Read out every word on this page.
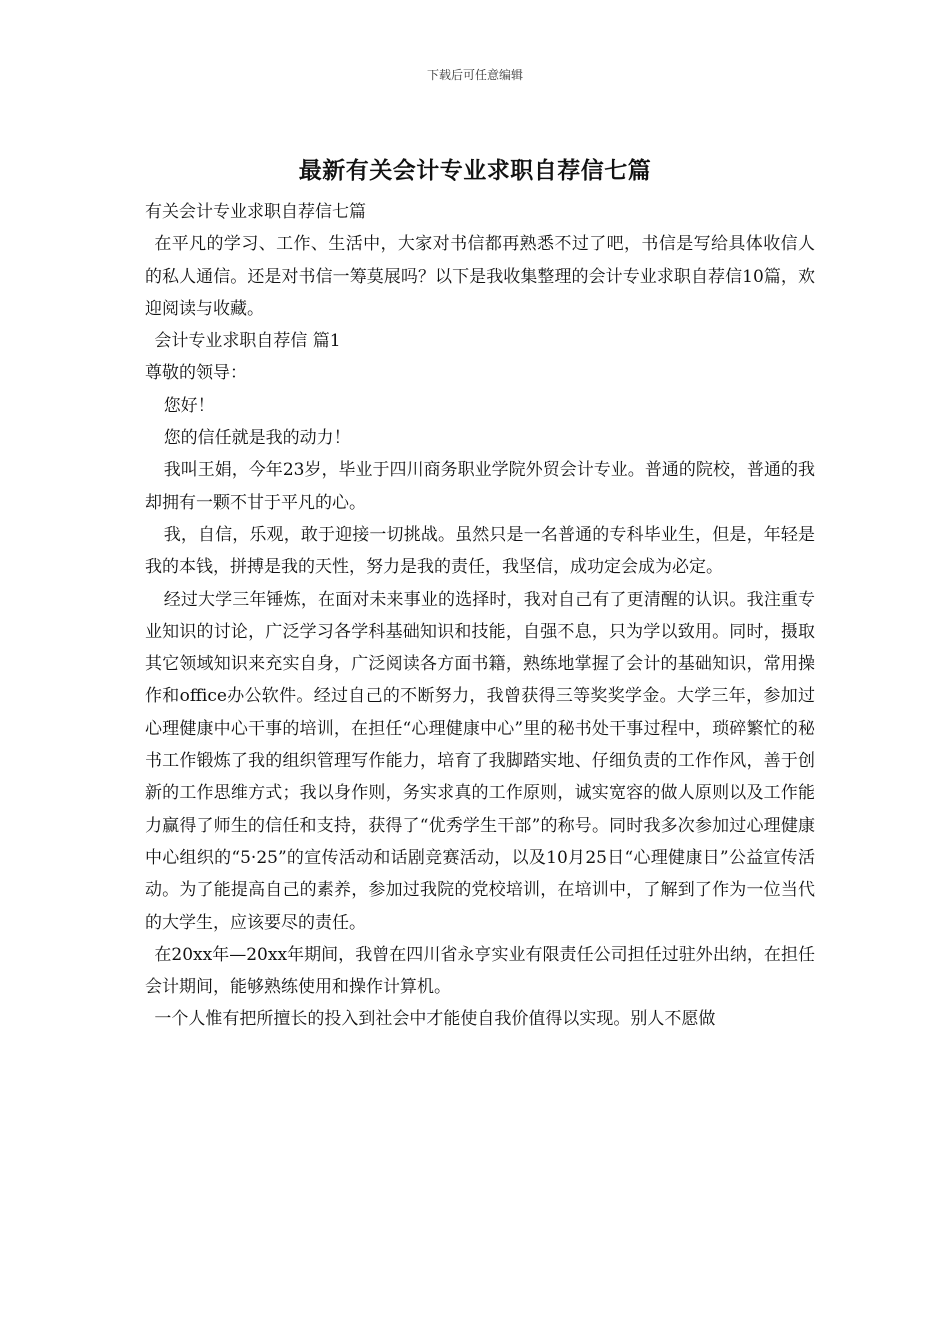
下载后可任意编辑
最新有关会计专业求职自荐信七篇

有关会计专业求职自荐信七篇

在平凡的学习、工作、生活中，大家对书信都再熟悉不过了吧，书信是写给具体收信人的私人通信。还是对书信一筹莫展吗？以下是我收集整理的会计专业求职自荐信10篇，欢迎阅读与收藏。

会计专业求职自荐信 篇1

尊敬的领导：

您好！

您的信任就是我的动力！

我叫王娟，今年23岁，毕业于四川商务职业学院外贸会计专业。普通的院校，普通的我却拥有一颗不甘于平凡的心。

我，自信，乐观，敢于迎接一切挑战。虽然只是一名普通的专科毕业生，但是，年轻是我的本钱，拼搏是我的天性，努力是我的责任，我坚信，成功定会成为必定。

经过大学三年锤炼，在面对未来事业的选择时，我对自己有了更清醒的认识。我注重专业知识的讨论，广泛学习各学科基础知识和技能，自强不息，只为学以致用。同时，摄取其它领域知识来充实自身，广泛阅读各方面书籍，熟练地掌握了会计的基础知识，常用操作和office办公软件。经过自己的不断努力，我曾获得三等奖奖学金。大学三年，参加过心理健康中心干事的培训，在担任“心理健康中心”里的秘书处干事过程中，琐碎繁忙的秘书工作锻炼了我的组织管理写作能力，培育了我脚踏实地、仔细负责的工作作风，善于创新的工作思维方式；我以身作则，务实求真的工作原则，诚实宽容的做人原则以及工作能力赢得了师生的信任和支持，获得了“优秀学生干部”的称号。同时我多次参加过心理健康中心组织的“5·25”的宣传活动和话剧竞赛活动，以及10月25日“心理健康日”公益宣传活动。为了能提高自己的素养，参加过我院的党校培训，在培训中，了解到了作为一位当代的大学生，应该要尽的责任。

在20xx年—20xx年期间，我曾在四川省永亨实业有限责任公司担任过驻外出纳，在担任会计期间，能够熟练使用和操作计算机。

一个人惟有把所擅长的投入到社会中才能使自我价值得以实现。别人不愿做
